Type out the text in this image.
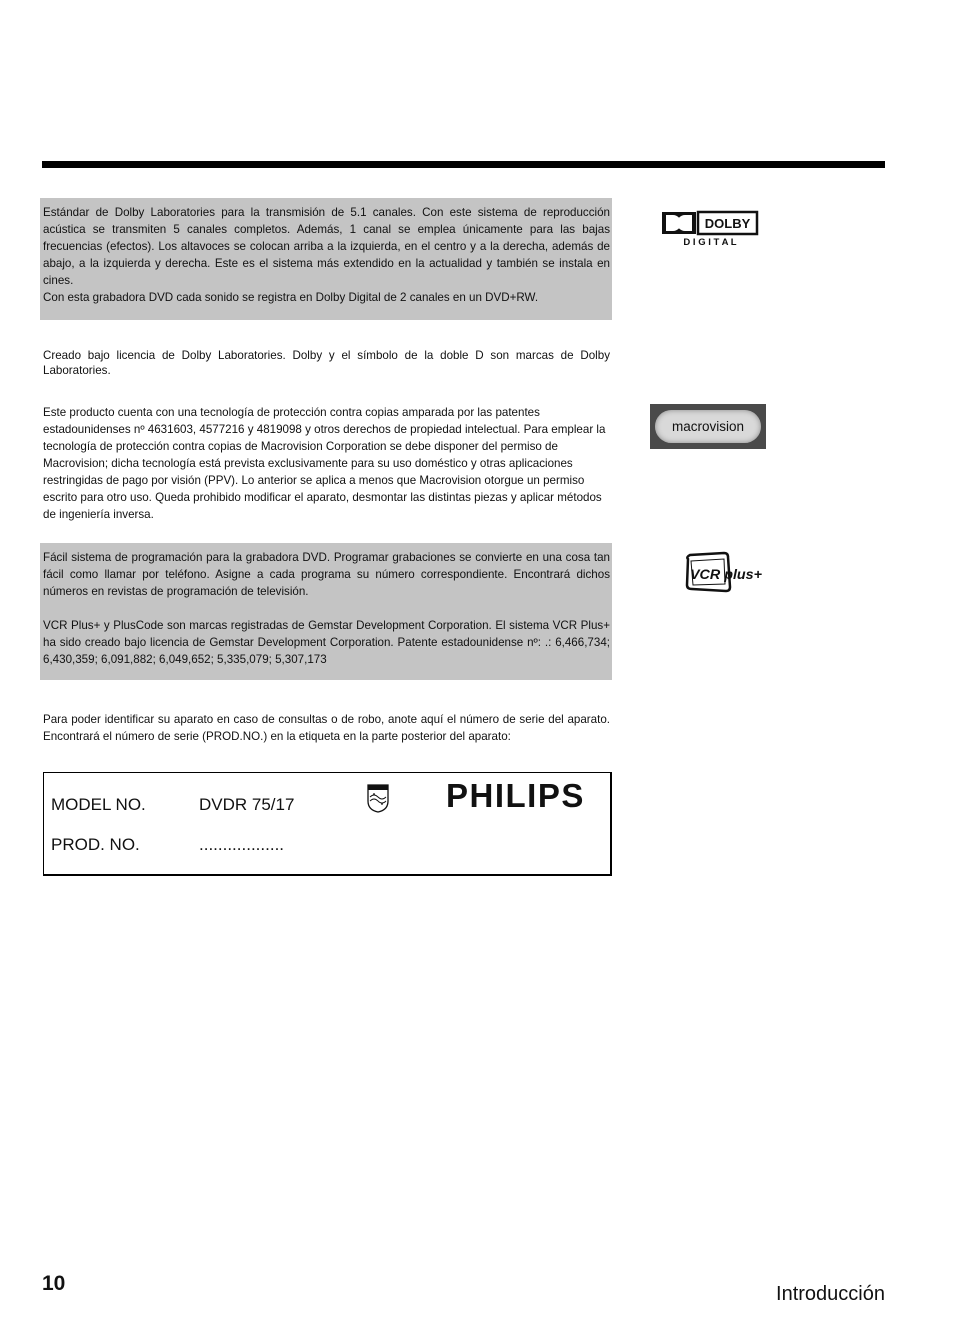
Estándar de Dolby Laboratories para la transmisión de 5.1 canales. Con este sistema de reproducción acústica se transmiten 5 canales completos. Además, 1 canal se emplea únicamente para las bajas frecuencias (efectos). Los altavoces se colocan arriba a la izquierda, en el centro y a la derecha, además de abajo, a la izquierda y derecha. Este es el sistema más extendido en la actualidad y también se instala en cines.

Con esta grabadora DVD cada sonido se registra en Dolby Digital de 2 canales en un DVD+RW.

DOLBY
D I G I T A L

Creado bajo licencia de Dolby Laboratories. Dolby y el símbolo de la doble D son marcas de Dolby Laboratories.

Este producto cuenta con una tecnología de protección contra copias amparada por las patentes estadounidenses nº 4631603, 4577216 y 4819098 y otros derechos de propiedad intelectual. Para emplear la tecnología de protección contra copias de Macrovision Corporation se debe disponer del permiso de Macrovision; dicha tecnología está prevista exclusivamente para su uso doméstico y otras aplicaciones restringidas de pago por visión (PPV). Lo anterior se aplica a menos que Macrovision otorgue un permiso escrito para otro uso. Queda prohibido modificar el aparato, desmontar las distintas piezas y aplicar métodos de ingeniería inversa.

macrovision

Fácil sistema de programación para la grabadora DVD. Programar grabaciones se convierte en una cosa tan fácil como llamar por teléfono. Asigne a cada programa su número correspondiente. Encontrará dichos números en revistas de programación de televisión.

VCR Plus+ y PlusCode son marcas registradas de Gemstar Development Corporation. El sistema VCR Plus+ ha sido creado bajo licencia de Gemstar Development Corporation. Patente estadounidense nº: .: 6,466,734; 6,430,359; 6,091,882; 6,049,652; 5,335,079; 5,307,173

VCR plus+

Para poder identificar su aparato en caso de consultas o de robo, anote aquí el número de serie del aparato. Encontrará el número de serie (PROD.NO.) en la etiqueta en la parte posterior del aparato:

MODEL NO.	DVDR 75/17
PROD. NO.	..................
PHILIPS
10	Introducción
